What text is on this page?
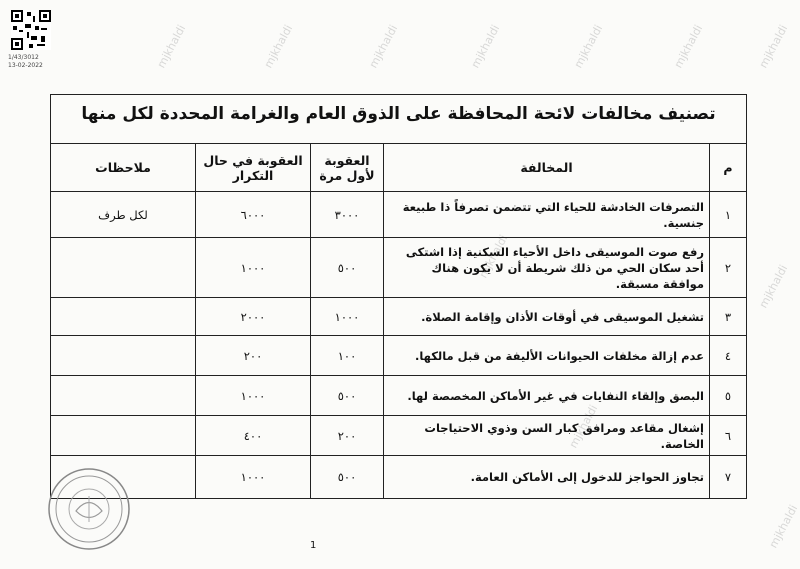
1/43/3012
13-02-2022	mjkhaldi	mjkhaldi	mjkhaldi	mjkhaldi	mjkhaldi	mjkhaldi	mjkhaldi
mjkhaldi
mjkhaldi
mjkhaldi
mjkhaldi
تصنيف مخالفات لائحة المحافظة على الذوق العام والغرامة المحددة لكل منها
م	المخالفة	العقوبة لأول مرة	العقوبة في حال التكرار	ملاحظات
١	التصرفات الخادشة للحياء التي تتضمن تصرفاً ذا طبيعة جنسية.	٣٠٠٠	٦٠٠٠	لكل طرف
٢	رفع صوت الموسيقى داخل الأحياء السكنية إذا اشتكى أحد سكان الحي من ذلك شريطة أن لا يكون هناك موافقة مسبقة.	٥٠٠	١٠٠٠	
٣	تشغيل الموسيقى في أوقات الأذان وإقامة الصلاة.	١٠٠٠	٢٠٠٠	
٤	عدم إزالة مخلفات الحيوانات الأليفة من قبل مالكها.	١٠٠	٢٠٠	
٥	البصق وإلقاء النفايات في غير الأماكن المخصصة لها.	٥٠٠	١٠٠٠	
٦	إشغال مقاعد ومرافق كبار السن وذوي الاحتياجات الخاصة.	٢٠٠	٤٠٠	
٧	تجاوز الحواجز للدخول إلى الأماكن العامة.	٥٠٠	١٠٠٠	
1
